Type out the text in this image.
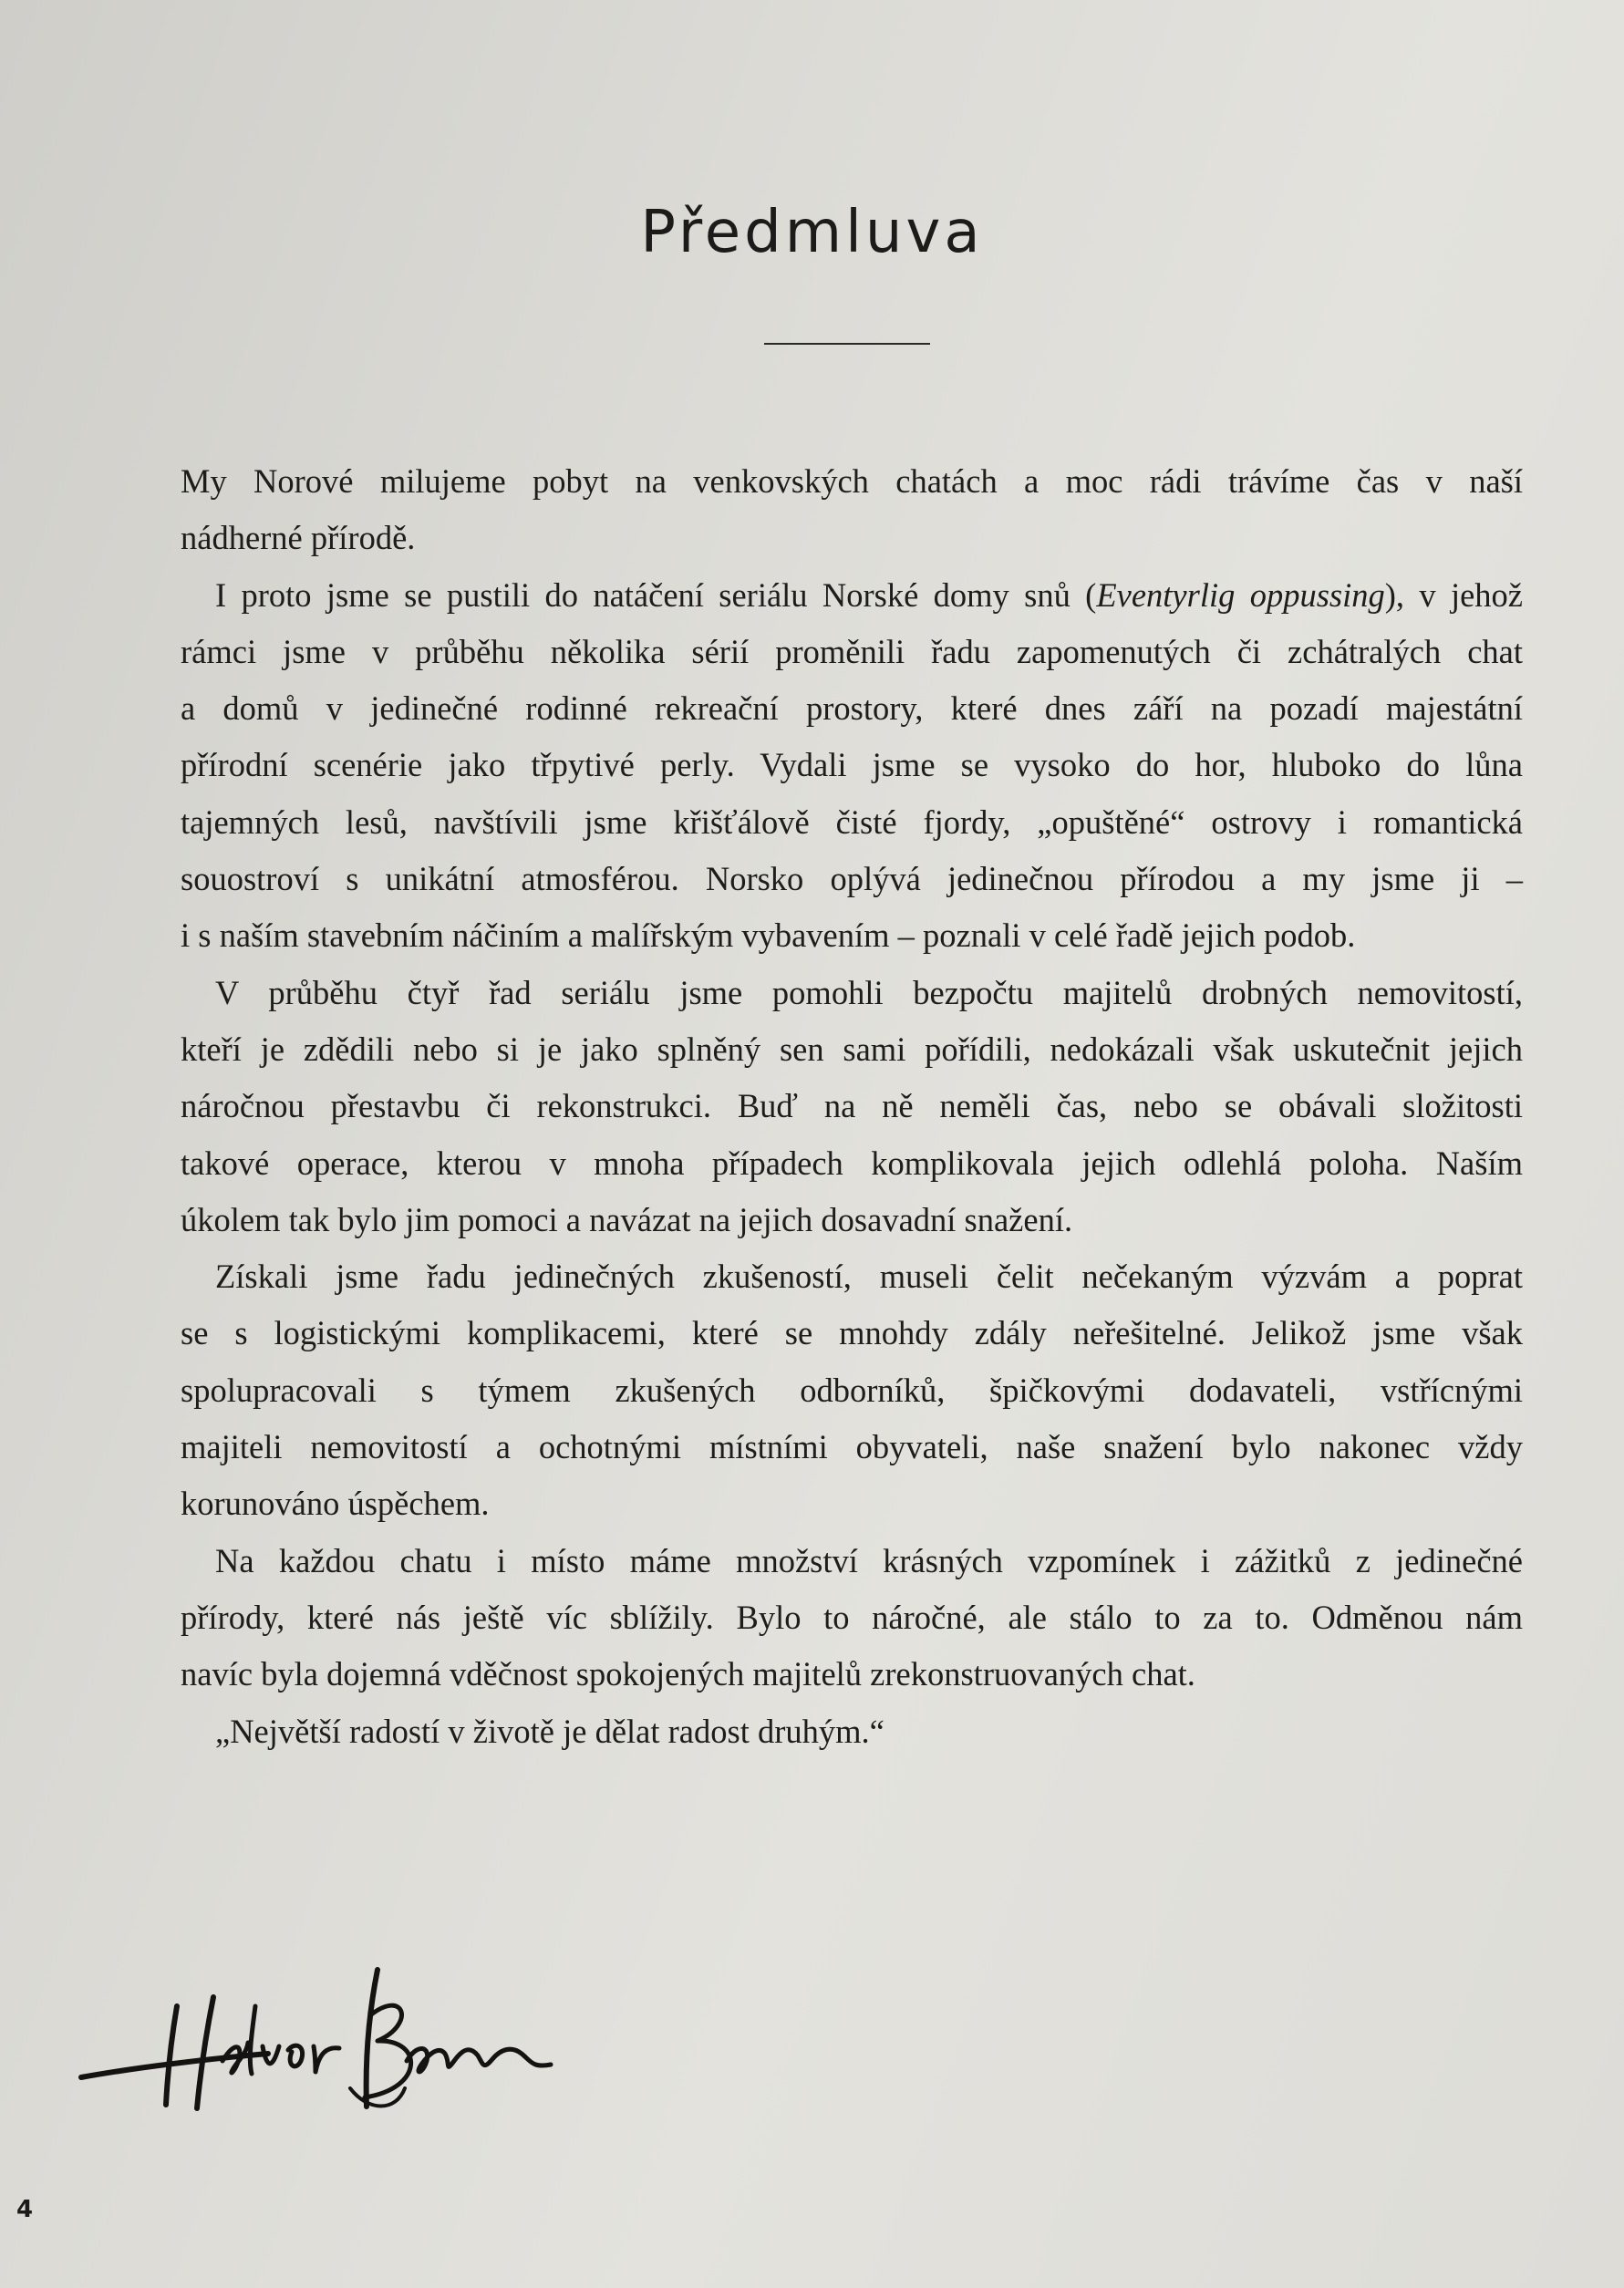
Předmluva
My Norové milujeme pobyt na venkovských chatách a moc rádi trávíme čas v naší
nádherné přírodě.
I proto jsme se pustili do natáčení seriálu Norské domy snů (Eventyrlig oppussing), v jehož
rámci jsme v průběhu několika sérií proměnili řadu zapomenutých či zchátralých chat
a domů v jedinečné rodinné rekreační prostory, které dnes září na pozadí majestátní
přírodní scenérie jako třpytivé perly. Vydali jsme se vysoko do hor, hluboko do lůna
tajemných lesů, navštívili jsme křišťálově čisté fjordy, „opuštěné“ ostrovy i romantická
souostroví s unikátní atmosférou. Norsko oplývá jedinečnou přírodou a my jsme ji –
i s naším stavebním náčiním a malířským vybavením – poznali v celé řadě jejich podob.
V průběhu čtyř řad seriálu jsme pomohli bezpočtu majitelů drobných nemovitostí,
kteří je zdědili nebo si je jako splněný sen sami pořídili, nedokázali však uskutečnit jejich
náročnou přestavbu či rekonstrukci. Buď na ně neměli čas, nebo se obávali složitosti
takové operace, kterou v mnoha případech komplikovala jejich odlehlá poloha. Naším
úkolem tak bylo jim pomoci a navázat na jejich dosavadní snažení.
Získali jsme řadu jedinečných zkušeností, museli čelit nečekaným výzvám a poprat
se s logistickými komplikacemi, které se mnohdy zdály neřešitelné. Jelikož jsme však
spolupracovali s týmem zkušených odborníků, špičkovými dodavateli, vstřícnými
majiteli nemovitostí a ochotnými místními obyvateli, naše snažení bylo nakonec vždy
korunováno úspěchem.
Na každou chatu i místo máme množství krásných vzpomínek i zážitků z jedinečné
přírody, které nás ještě víc sblížily. Bylo to náročné, ale stálo to za to. Odměnou nám
navíc byla dojemná vděčnost spokojených majitelů zrekonstruovaných chat.
„Největší radostí v životě je dělat radost druhým.“
4
